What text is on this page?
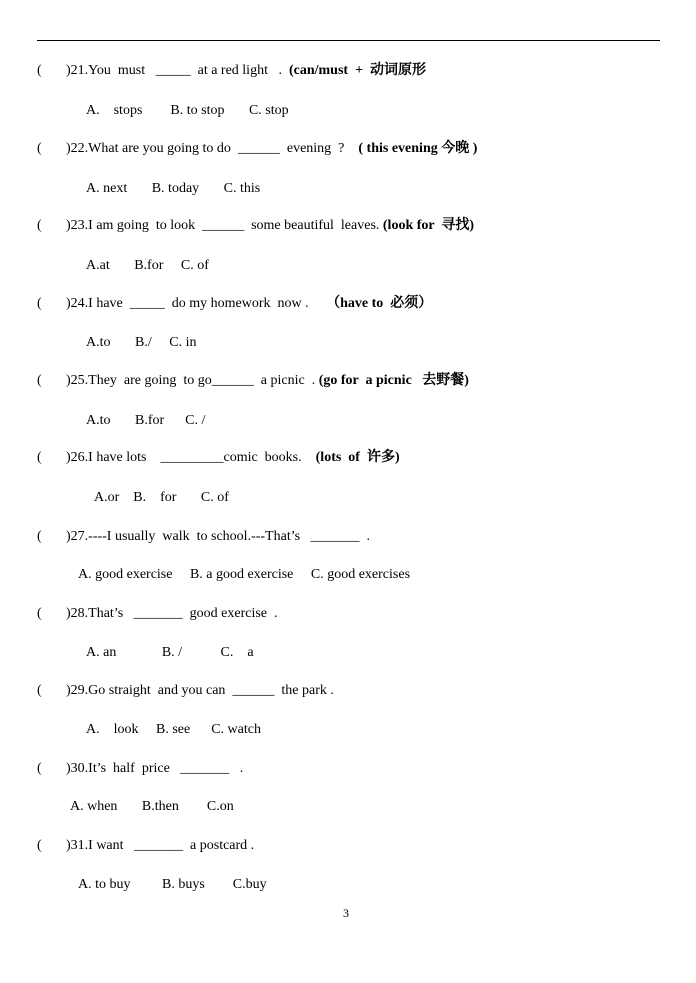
( )21.You  must   _____  at a red light   .  (can/must  +  动词原形
A.    stops        B. to stop       C. stop
( )22.What are you going to do  ______  evening  ?    ( this evening 今晚 )
A. next       B. today       C. this
( )23.I am going  to look  ______  some beautiful  leaves. (look for  寻找)
A.at       B.for     C. of
( )24.I have  _____  do my homework  now .     （have to  必须）
A.to       B./     C. in
( )25.They  are going  to go______  a picnic  . (go for  a picnic   去野餐)
A.to       B.for      C. /
( )26.I have lots    _________comic  books.    (lots  of  许多)
A.or    B.    for       C. of
( )27.----I usually  walk  to school.---That’s   _______  .
A. good exercise     B. a good exercise     C. good exercises
( )28.That’s   _______  good exercise  .
A. an             B. /           C.    a
( )29.Go straight  and you can  ______  the park .
A.    look     B. see      C. watch
( )30.It’s  half  price   _______   .
A. when       B.then        C.on
( )31.I want   _______  a postcard .
A. to buy         B. buys        C.buy
3
